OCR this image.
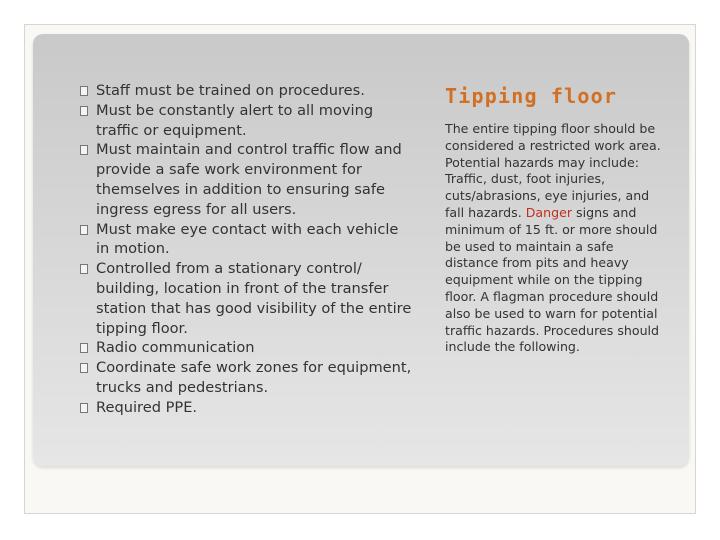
Staff must be trained on procedures.
Must be constantly alert to all moving traffic or equipment.
Must maintain and control traffic flow and provide a safe work environment for themselves in addition to ensuring safe ingress egress for all users.
Must make eye contact with each vehicle in motion.
Controlled from a stationary control/ building, location in front of the transfer station that has good visibility of the entire tipping floor.
Radio communication
Coordinate safe work zones for equipment, trucks and pedestrians.
Required PPE.
Tipping floor

The entire tipping floor should be considered a restricted work area. Potential hazards may include: Traffic, dust, foot injuries, cuts/abrasions, eye injuries, and fall hazards. Danger signs and minimum of 15 ft. or more should be used to maintain a safe distance from pits and heavy equipment while on the tipping floor. A flagman procedure should also be used to warn for potential traffic hazards. Procedures should include the following.
